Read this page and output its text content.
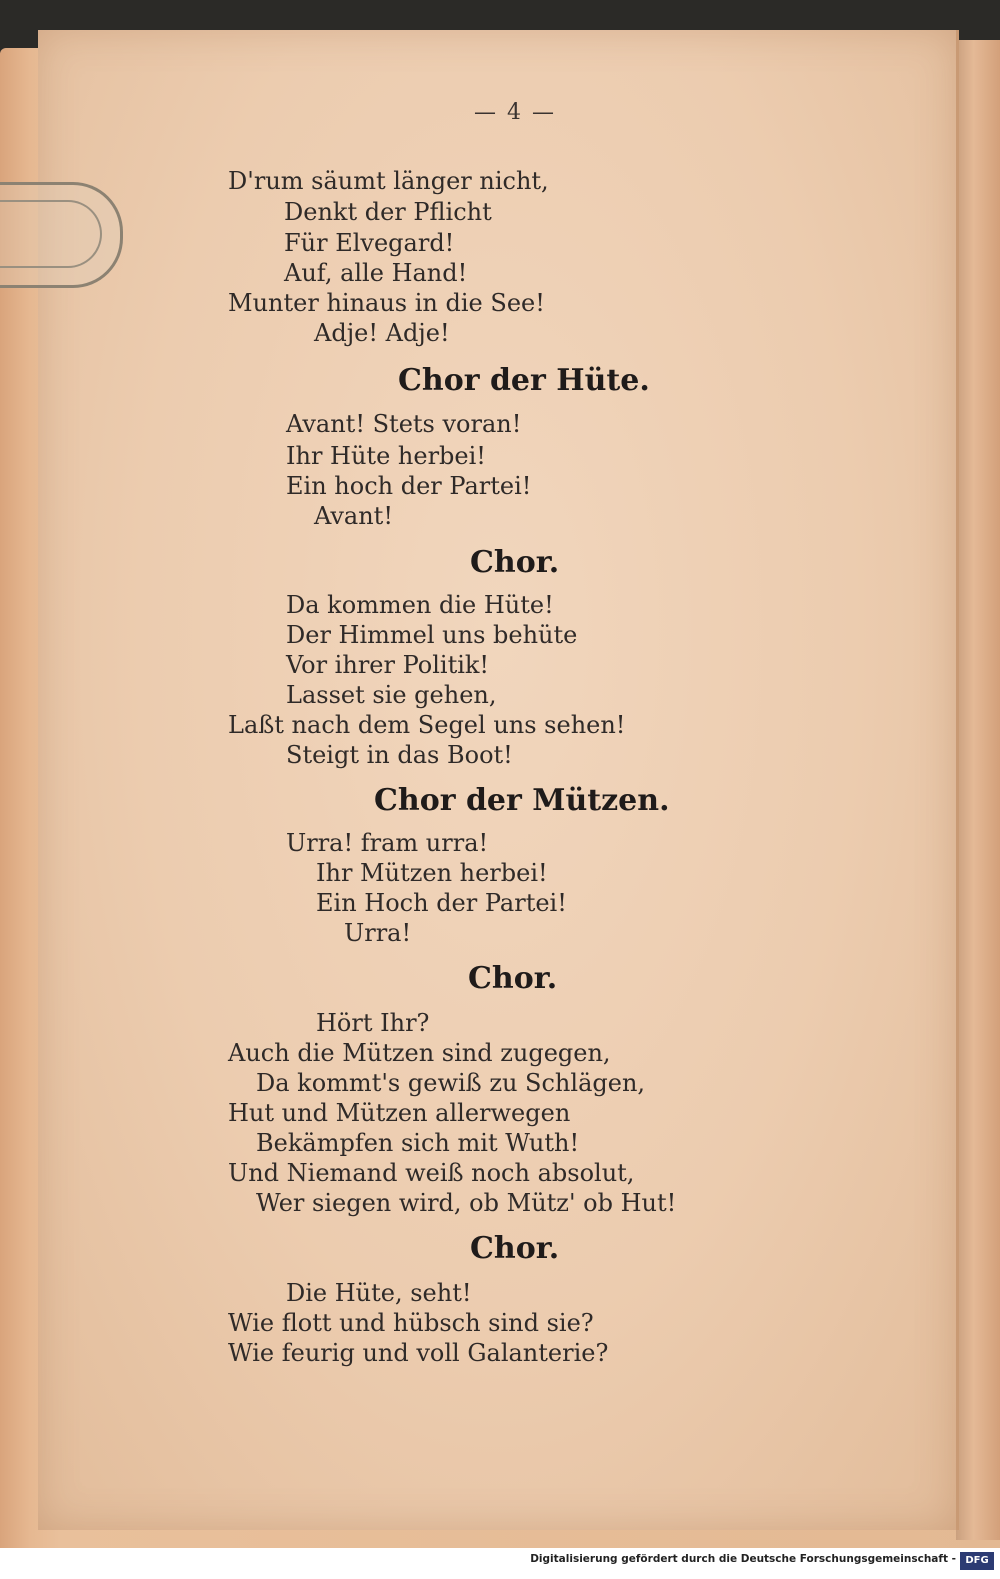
— 4 —
D'rum säumt länger nicht,
Denkt der Pflicht
Für Elvegard!
Auf, alle Hand!
Munter hinaus in die See!
Adje! Adje!
Chor der Hüte.
Avant! Stets voran!
Ihr Hüte herbei!
Ein hoch der Partei!
Avant!
Chor.
Da kommen die Hüte!
Der Himmel uns behüte
Vor ihrer Politik!
Lasset sie gehen,
Laßt nach dem Segel uns sehen!
Steigt in das Boot!
Chor der Mützen.
Urra! fram urra!
Ihr Mützen herbei!
Ein Hoch der Partei!
Urra!
Chor.
Hört Ihr?
Auch die Mützen sind zugegen,
Da kommt's gewiß zu Schlägen,
Hut und Mützen allerwegen
Bekämpfen sich mit Wuth!
Und Niemand weiß noch absolut,
Wer siegen wird, ob Mütz' ob Hut!
Chor.
Die Hüte, seht!
Wie flott und hübsch sind sie?
Wie feurig und voll Galanterie?
Digitalisierung gefördert durch die Deutsche Forschungsgemeinschaft - DFG
